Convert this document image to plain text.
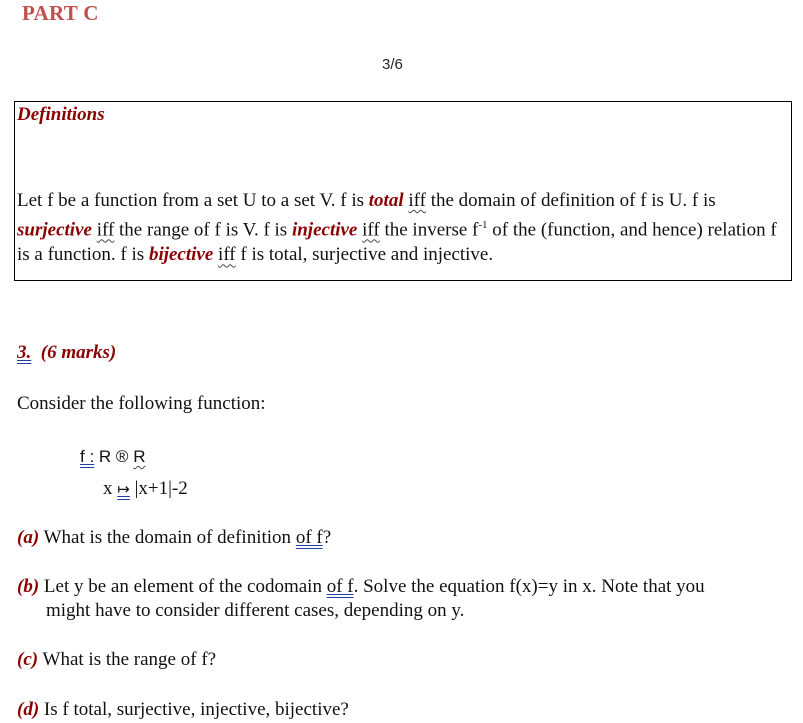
PART C
3/6
Definitions
Let f be a function from a set U to a set V. f is total iff the domain of definition of f is U. f is surjective iff the range of f is V. f is injective iff the inverse $f^{-1}$ of the (function, and hence) relation f is a function. f is bijective iff f is total, surjective and injective.
3. (6 marks)
Consider the following function:
f : R ® R
x ↦ |x+1|-2
(a) What is the domain of definition of f?
(b) Let y be an element of the codomain of f. Solve the equation f(x)=y in x. Note that you
might have to consider different cases, depending on y.
(c) What is the range of f?
(d) Is f total, surjective, injective, bijective?
